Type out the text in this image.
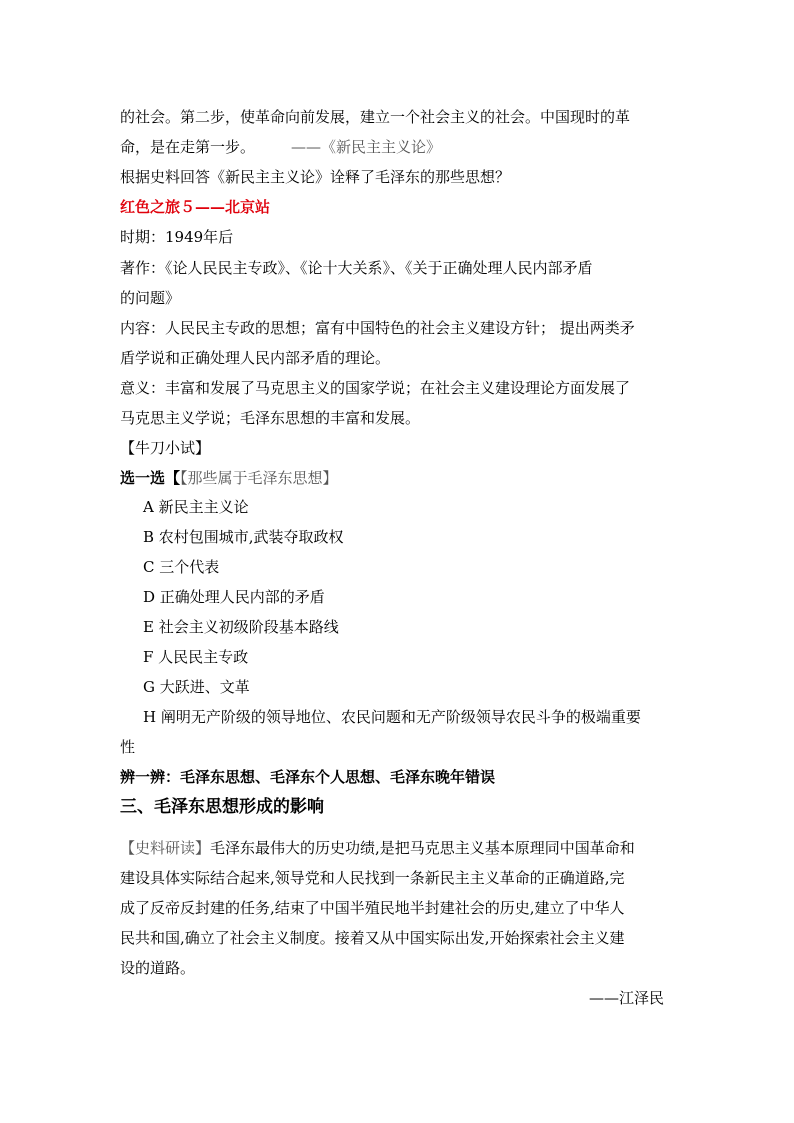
的社会。第二步，使革命向前发展，建立一个社会主义的社会。中国现时的革
命，是在走第一步。 ——《新民主主义论》
根据史料回答《新民主主义论》诠释了毛泽东的那些思想？
红色之旅５——北京站
时期：1949年后
著作：《论人民民主专政》、《论十大关系》、《关于正确处理人民内部矛盾
的问题》
内容：人民民主专政的思想；富有中国特色的社会主义建设方针； 提出两类矛
盾学说和正确处理人民内部矛盾的理论。
意义：丰富和发展了马克思主义的国家学说；在社会主义建设理论方面发展了
马克思主义学说；毛泽东思想的丰富和发展。
【牛刀小试】
选一选【【那些属于毛泽东思想】
A 新民主主义论
B 农村包围城市,武装夺取政权
C 三个代表
D 正确处理人民内部的矛盾
E 社会主义初级阶段基本路线
F 人民民主专政
G 大跃进、文革
H 阐明无产阶级的领导地位、农民问题和无产阶级领导农民斗争的极端重要
性
辨一辨：毛泽东思想、毛泽东个人思想、毛泽东晚年错误
三、毛泽东思想形成的影响
【史料研读】毛泽东最伟大的历史功绩,是把马克思主义基本原理同中国革命和
建设具体实际结合起来,领导党和人民找到一条新民主主义革命的正确道路,完
成了反帝反封建的任务,结束了中国半殖民地半封建社会的历史,建立了中华人
民共和国,确立了社会主义制度。接着又从中国实际出发,开始探索社会主义建
设的道路。
——江泽民
